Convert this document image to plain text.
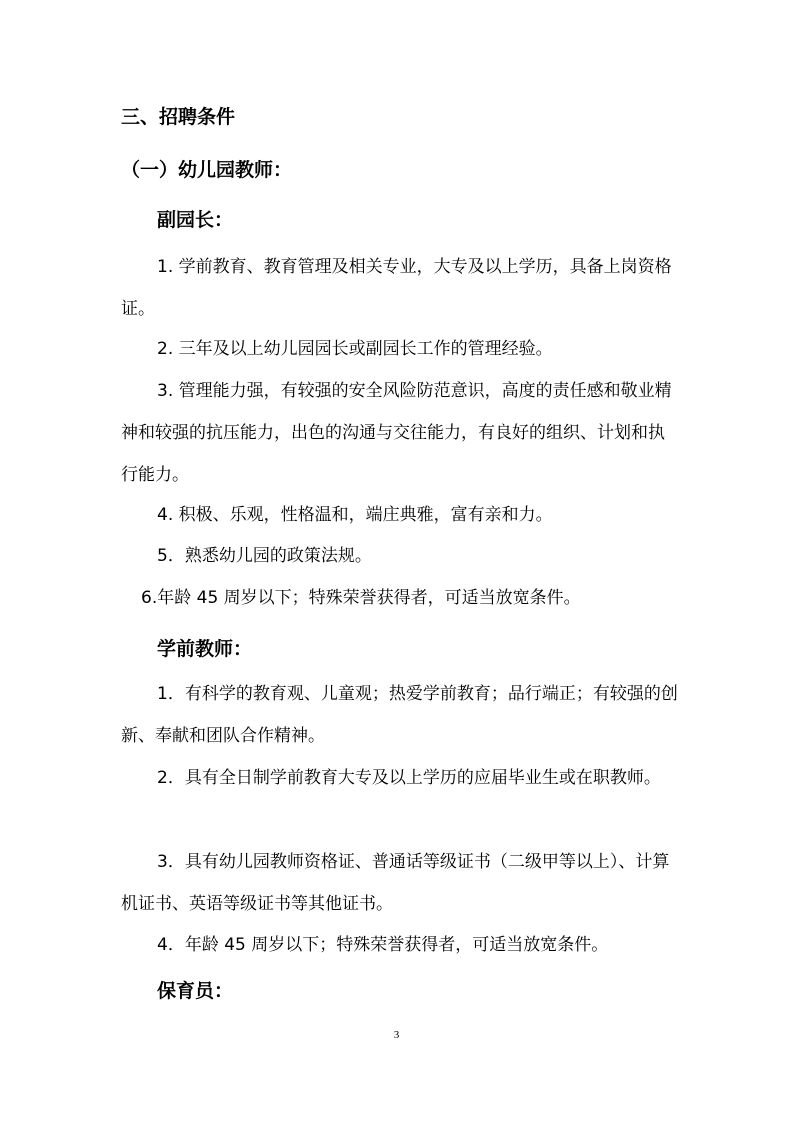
三、招聘条件
（一）幼儿园教师：
副园长：

1. 学前教育、教育管理及相关专业，大专及以上学历，具备上岗资格证。

2. 三年及以上幼儿园园长或副园长工作的管理经验。

3. 管理能力强，有较强的安全风险防范意识，高度的责任感和敬业精神和较强的抗压能力，出色的沟通与交往能力，有良好的组织、计划和执行能力。

4. 积极、乐观，性格温和，端庄典雅，富有亲和力。

5．熟悉幼儿园的政策法规。

6.年龄 45 周岁以下；特殊荣誉获得者，可适当放宽条件。

学前教师：

1．有科学的教育观、儿童观；热爱学前教育；品行端正；有较强的创新、奉献和团队合作精神。

2．具有全日制学前教育大专及以上学历的应届毕业生或在职教师。

3．具有幼儿园教师资格证、普通话等级证书（二级甲等以上）、计算机证书、英语等级证书等其他证书。

4．年龄 45 周岁以下；特殊荣誉获得者，可适当放宽条件。

保育员：
3
